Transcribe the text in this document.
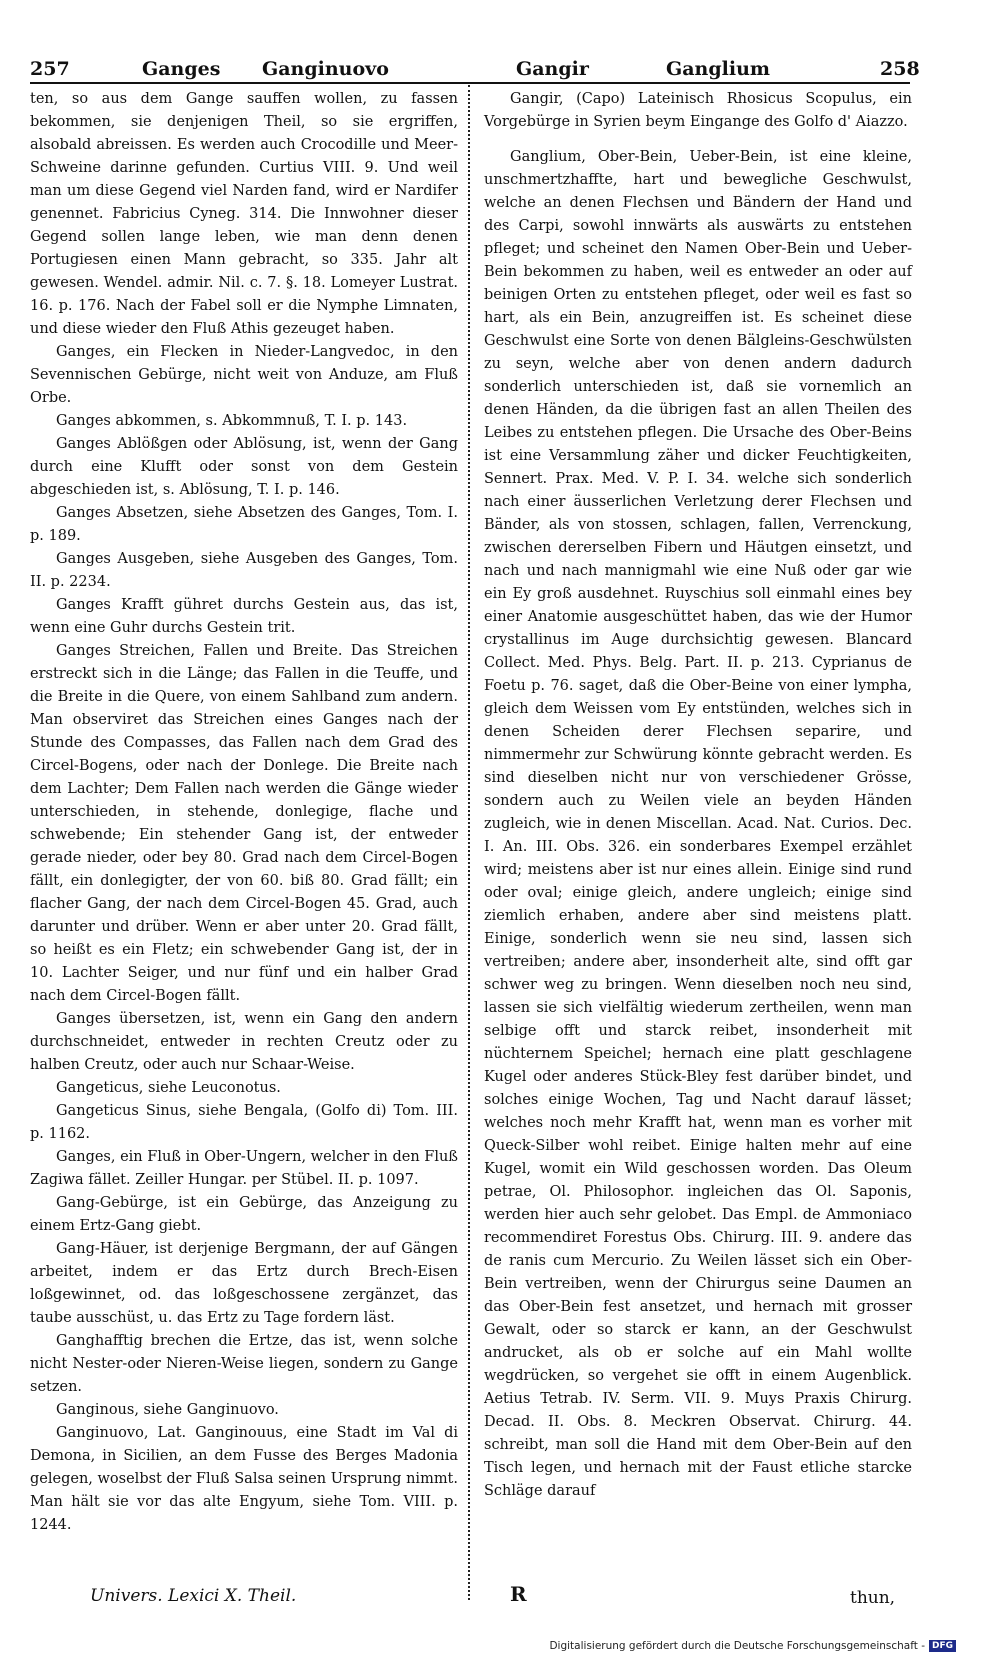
257	Ganges Ganginuovo	Gangir	Ganglium	258

ten, so aus dem Gange sauffen wollen, zu fassen bekommen, sie denjenigen Theil, so sie ergriffen, alsobald abreissen. Es werden auch Crocodille und Meer-Schweine darinne gefunden. Curtius VIII. 9. Und weil man um diese Gegend viel Narden fand, wird er Nardifer genennet. Fabricius Cyneg. 314. Die Innwohner dieser Gegend sollen lange leben, wie man denn denen Portugiesen einen Mann gebracht, so 335. Jahr alt gewesen. Wendel. admir. Nil. c. 7. §. 18. Lomeyer Lustrat. 16. p. 176. Nach der Fabel soll er die Nymphe Limnaten, und diese wieder den Fluß Athis gezeuget haben.

Ganges, ein Flecken in Nieder-Langvedoc, in den Sevennischen Gebürge, nicht weit von Anduze, am Fluß Orbe.

Ganges abkommen, s. Abkommnuß, T. I. p. 143.

Ganges Ablößgen oder Ablösung, ist, wenn der Gang durch eine Klufft oder sonst von dem Gestein abgeschieden ist, s. Ablösung, T. I. p. 146.

Ganges Absetzen, siehe Absetzen des Ganges, Tom. I. p. 189.

Ganges Ausgeben, siehe Ausgeben des Ganges, Tom. II. p. 2234.

Ganges Krafft gühret durchs Gestein aus, das ist, wenn eine Guhr durchs Gestein trit.

Ganges Streichen, Fallen und Breite. Das Streichen erstreckt sich in die Länge; das Fallen in die Teuffe, und die Breite in die Quere, von einem Sahlband zum andern. Man observiret das Streichen eines Ganges nach der Stunde des Compasses, das Fallen nach dem Grad des Circel-Bogens, oder nach der Donlege. Die Breite nach dem Lachter; Dem Fallen nach werden die Gänge wieder unterschieden, in stehende, donlegige, flache und schwebende; Ein stehender Gang ist, der entweder gerade nieder, oder bey 80. Grad nach dem Circel-Bogen fällt, ein donlegigter, der von 60. biß 80. Grad fällt; ein flacher Gang, der nach dem Circel-Bogen 45. Grad, auch darunter und drüber. Wenn er aber unter 20. Grad fällt, so heißt es ein Fletz; ein schwebender Gang ist, der in 10. Lachter Seiger, und nur fünf und ein halber Grad nach dem Circel-Bogen fällt.

Ganges übersetzen, ist, wenn ein Gang den andern durchschneidet, entweder in rechten Creutz oder zu halben Creutz, oder auch nur Schaar-Weise.

Gangeticus, siehe Leuconotus.

Gangeticus Sinus, siehe Bengala, (Golfo di) Tom. III. p. 1162.

Ganges, ein Fluß in Ober-Ungern, welcher in den Fluß Zagiwa fället. Zeiller Hungar. per Stübel. II. p. 1097.

Gang-Gebürge, ist ein Gebürge, das Anzeigung zu einem Ertz-Gang giebt.

Gang-Häuer, ist derjenige Bergmann, der auf Gängen arbeitet, indem er das Ertz durch Brech-Eisen loßgewinnet, od. das loßgeschossene zergänzet, das taube ausschüst, u. das Ertz zu Tage fordern läst.

Ganghafftig brechen die Ertze, das ist, wenn solche nicht Nester-oder Nieren-Weise liegen, sondern zu Gange setzen.

Ganginous, siehe Ganginuovo.

Ganginuovo, Lat. Ganginouus, eine Stadt im Val di Demona, in Sicilien, an dem Fusse des Berges Madonia gelegen, woselbst der Fluß Salsa seinen Ursprung nimmt. Man hält sie vor das alte Engyum, siehe Tom. VIII. p. 1244.

Gangir, (Capo) Lateinisch Rhosicus Scopulus, ein Vorgebürge in Syrien beym Eingange des Golfo d' Aiazzo.

Ganglium, Ober-Bein, Ueber-Bein, ist eine kleine, unschmertzhaffte, hart und bewegliche Geschwulst, welche an denen Flechsen und Bändern der Hand und des Carpi, sowohl innwärts als auswärts zu entstehen pfleget; und scheinet den Namen Ober-Bein und Ueber-Bein bekommen zu haben, weil es entweder an oder auf beinigen Orten zu entstehen pfleget, oder weil es fast so hart, als ein Bein, anzugreiffen ist. Es scheinet diese Geschwulst eine Sorte von denen Bälgleins-Geschwülsten zu seyn, welche aber von denen andern dadurch sonderlich unterschieden ist, daß sie vornemlich an denen Händen, da die übrigen fast an allen Theilen des Leibes zu entstehen pflegen. Die Ursache des Ober-Beins ist eine Versammlung zäher und dicker Feuchtigkeiten, Sennert. Prax. Med. V. P. I. 34. welche sich sonderlich nach einer äusserlichen Verletzung derer Flechsen und Bänder, als von stossen, schlagen, fallen, Verrenckung, zwischen dererselben Fibern und Häutgen einsetzt, und nach und nach mannigmahl wie eine Nuß oder gar wie ein Ey groß ausdehnet. Ruyschius soll einmahl eines bey einer Anatomie ausgeschüttet haben, das wie der Humor crystallinus im Auge durchsichtig gewesen. Blancard Collect. Med. Phys. Belg. Part. II. p. 213. Cyprianus de Foetu p. 76. saget, daß die Ober-Beine von einer lympha, gleich dem Weissen vom Ey entstünden, welches sich in denen Scheiden derer Flechsen separire, und nimmermehr zur Schwürung könnte gebracht werden. Es sind dieselben nicht nur von verschiedener Grösse, sondern auch zu Weilen viele an beyden Händen zugleich, wie in denen Miscellan. Acad. Nat. Curios. Dec. I. An. III. Obs. 326. ein sonderbares Exempel erzählet wird; meistens aber ist nur eines allein. Einige sind rund oder oval; einige gleich, andere ungleich; einige sind ziemlich erhaben, andere aber sind meistens platt. Einige, sonderlich wenn sie neu sind, lassen sich vertreiben; andere aber, insonderheit alte, sind offt gar schwer weg zu bringen. Wenn dieselben noch neu sind, lassen sie sich vielfältig wiederum zertheilen, wenn man selbige offt und starck reibet, insonderheit mit nüchternem Speichel; hernach eine platt geschlagene Kugel oder anderes Stück-Bley fest darüber bindet, und solches einige Wochen, Tag und Nacht darauf lässet; welches noch mehr Krafft hat, wenn man es vorher mit Queck-Silber wohl reibet. Einige halten mehr auf eine Kugel, womit ein Wild geschossen worden. Das Oleum petrae, Ol. Philosophor. ingleichen das Ol. Saponis, werden hier auch sehr gelobet. Das Empl. de Ammoniaco recommendiret Forestus Obs. Chirurg. III. 9. andere das de ranis cum Mercurio. Zu Weilen lässet sich ein Ober-Bein vertreiben, wenn der Chirurgus seine Daumen an das Ober-Bein fest ansetzet, und hernach mit grosser Gewalt, oder so starck er kann, an der Geschwulst andrucket, als ob er solche auf ein Mahl wollte wegdrücken, so vergehet sie offt in einem Augenblick. Aetius Tetrab. IV. Serm. VII. 9. Muys Praxis Chirurg. Decad. II. Obs. 8. Meckren Observat. Chirurg. 44. schreibt, man soll die Hand mit dem Ober-Bein auf den Tisch legen, und hernach mit der Faust etliche starcke Schläge darauf

Univers. Lexici X. Theil.	R	thun,
Digitalisierung gefördert durch die Deutsche Forschungsgemeinschaft - DFG
